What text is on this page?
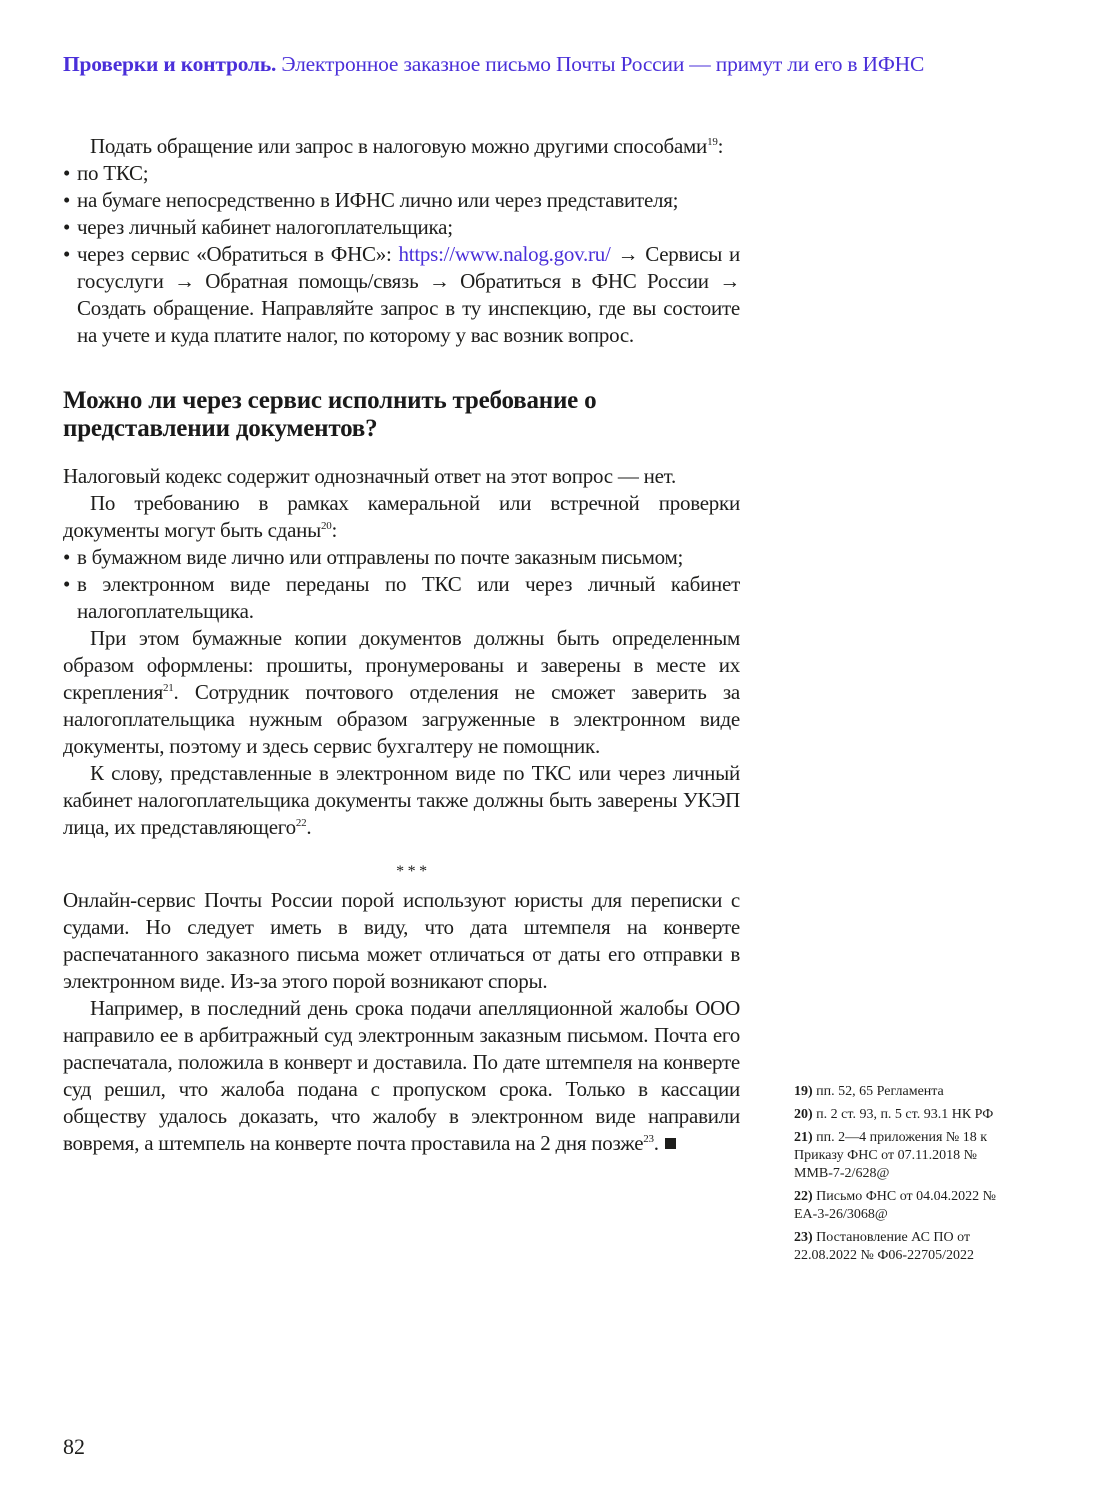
Проверки и контроль. Электронное заказное письмо Почты России — примут ли его в ИФНС

Подать обращение или запрос в налоговую можно другими способами$^{19}$:

• по ТКС;

• на бумаге непосредственно в ИФНС лично или через представителя;

• через личный кабинет налогоплательщика;

• через сервис «Обратиться в ФНС»: https://www.nalog.gov.ru/ → Сервисы и госуслуги → Обратная помощь/связь → Обратиться в ФНС России → Создать обращение. Направляйте запрос в ту инспекцию, где вы состоите на учете и куда платите налог, по которому у вас возник вопрос.

Можно ли через сервис исполнить требование о представлении документов?

Налоговый кодекс содержит однозначный ответ на этот вопрос — нет.

По требованию в рамках камеральной или встречной проверки документы могут быть сданы$^{20}$:

• в бумажном виде лично или отправлены по почте заказным письмом;

• в электронном виде переданы по ТКС или через личный кабинет налогоплательщика.

При этом бумажные копии документов должны быть определенным образом оформлены: прошиты, пронумерованы и заверены в месте их скрепления$^{21}$. Сотрудник почтового отделения не сможет заверить за налогоплательщика нужным образом загруженные в электронном виде документы, поэтому и здесь сервис бухгалтеру не помощник.

К слову, представленные в электронном виде по ТКС или через личный кабинет налогоплательщика документы также должны быть заверены УКЭП лица, их представляющего$^{22}$.

* * *

Онлайн-сервис Почты России порой используют юристы для переписки с судами. Но следует иметь в виду, что дата штемпеля на конверте распечатанного заказного письма может отличаться от даты его отправки в электронном виде. Из-за этого порой возникают споры.

Например, в последний день срока подачи апелляционной жалобы ООО направило ее в арбитражный суд электронным заказным письмом. Почта его распечатала, положила в конверт и доставила. По дате штемпеля на конверте суд решил, что жалоба подана с пропуском срока. Только в кассации обществу удалось доказать, что жалобу в электронном виде направили вовремя, а штемпель на конверте почта проставила на 2 дня позже$^{23}$.

19) пп. 52, 65 Регламента
20) п. 2 ст. 93, п. 5 ст. 93.1 НК РФ
21) пп. 2—4 приложения № 18 к Приказу ФНС от 07.11.2018 № ММВ-7-2/628@
22) Письмо ФНС от 04.04.2022 № ЕА-3-26/3068@
23) Постановление АС ПО от 22.08.2022 № Ф06-22705/2022
82
